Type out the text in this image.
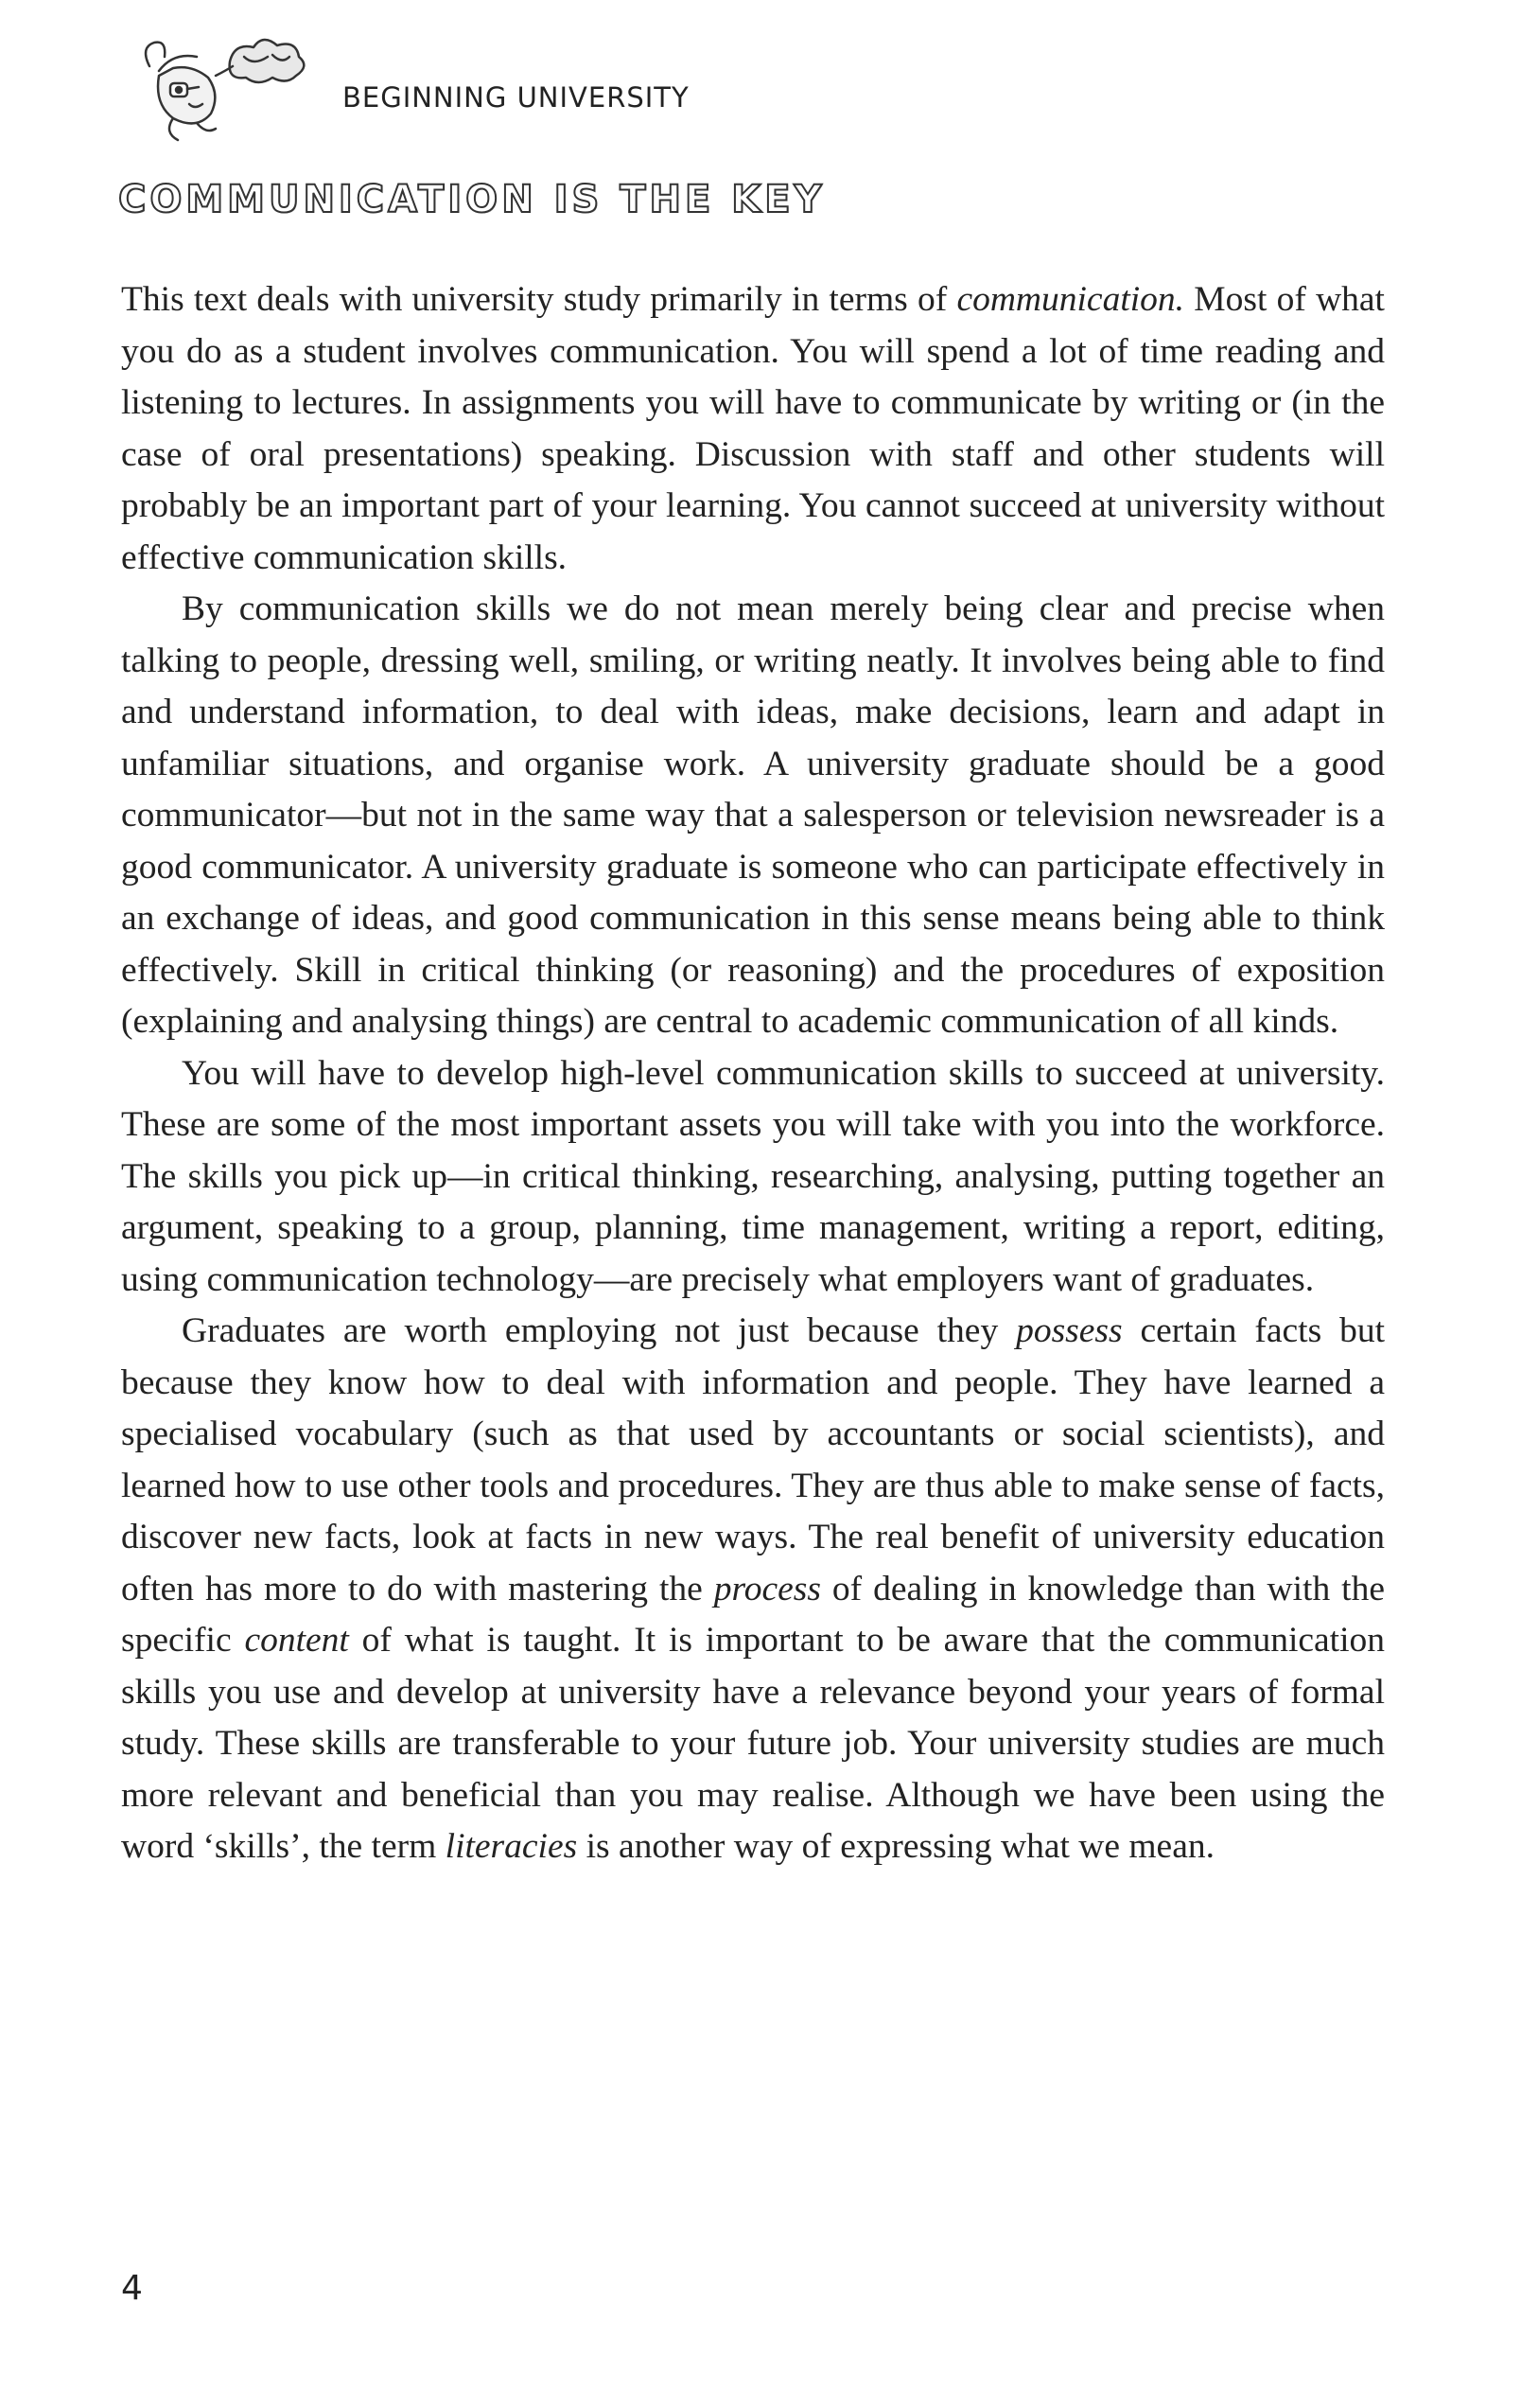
BEGINNING UNIVERSITY
COMMUNICATION IS THE KEY

This text deals with university study primarily in terms of communication. Most of what you do as a student involves communication. You will spend a lot of time reading and listening to lectures. In assignments you will have to communicate by writing or (in the case of oral presentations) speaking. Discussion with staff and other students will probably be an important part of your learning. You cannot succeed at university without effective communication skills.

By communication skills we do not mean merely being clear and precise when talking to people, dressing well, smiling, or writing neatly. It involves being able to find and understand information, to deal with ideas, make decisions, learn and adapt in unfamiliar situations, and organise work. A university graduate should be a good communicator—but not in the same way that a salesperson or television newsreader is a good communicator. A university graduate is someone who can participate effectively in an exchange of ideas, and good communication in this sense means being able to think effectively. Skill in critical thinking (or reasoning) and the procedures of exposition (explaining and analysing things) are central to academic communication of all kinds.

You will have to develop high-level communication skills to succeed at university. These are some of the most important assets you will take with you into the workforce. The skills you pick up—in critical thinking, researching, analysing, putting together an argument, speaking to a group, planning, time management, writing a report, editing, using communication technology—are precisely what employers want of graduates.

Graduates are worth employing not just because they possess certain facts but because they know how to deal with information and people. They have learned a specialised vocabulary (such as that used by accountants or social scientists), and learned how to use other tools and procedures. They are thus able to make sense of facts, discover new facts, look at facts in new ways. The real benefit of university education often has more to do with mastering the process of dealing in knowledge than with the specific content of what is taught. It is important to be aware that the communication skills you use and develop at university have a relevance beyond your years of formal study. These skills are transferable to your future job. Your university studies are much more relevant and beneficial than you may realise. Although we have been using the word ‘skills’, the term literacies is another way of expressing what we mean.

4
